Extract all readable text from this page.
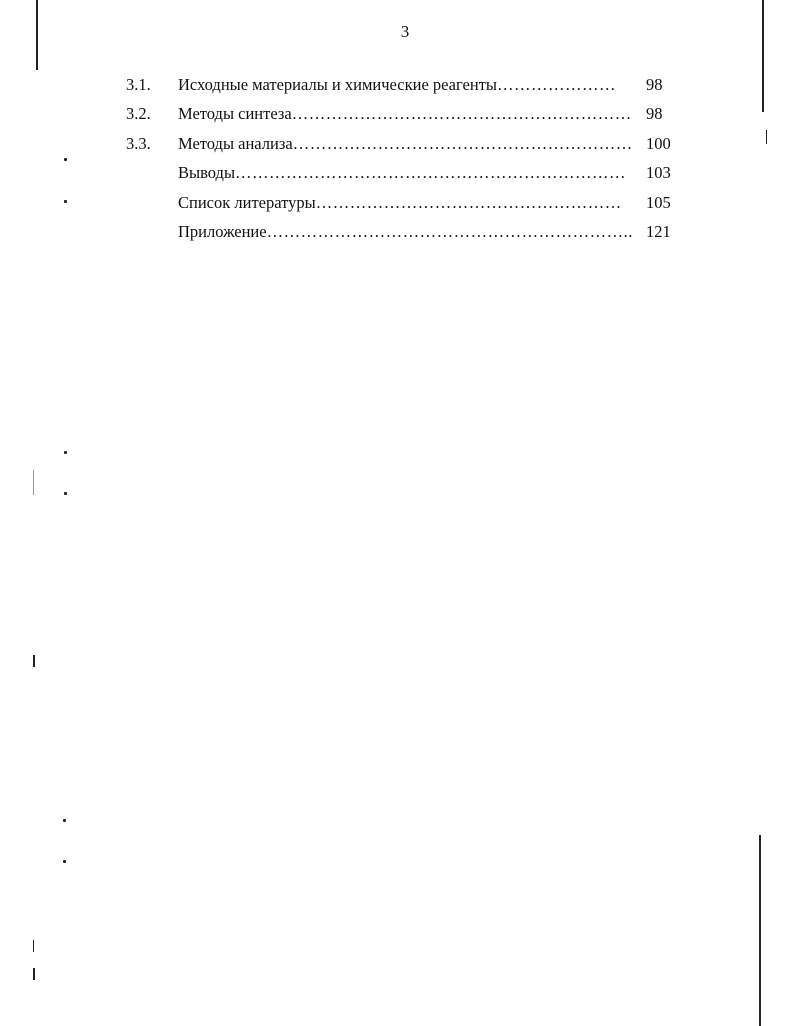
3
3.1.	Исходные материалы и химические реагенты…………………	98
3.2.	Методы синтеза…………………………………………………… 98
3.3.	Методы анализа…………………………………………………… 100
Выводы……………………………………………………………	103
Список литературы………………………………………………	105
Приложение……………………………………………………….. 121
